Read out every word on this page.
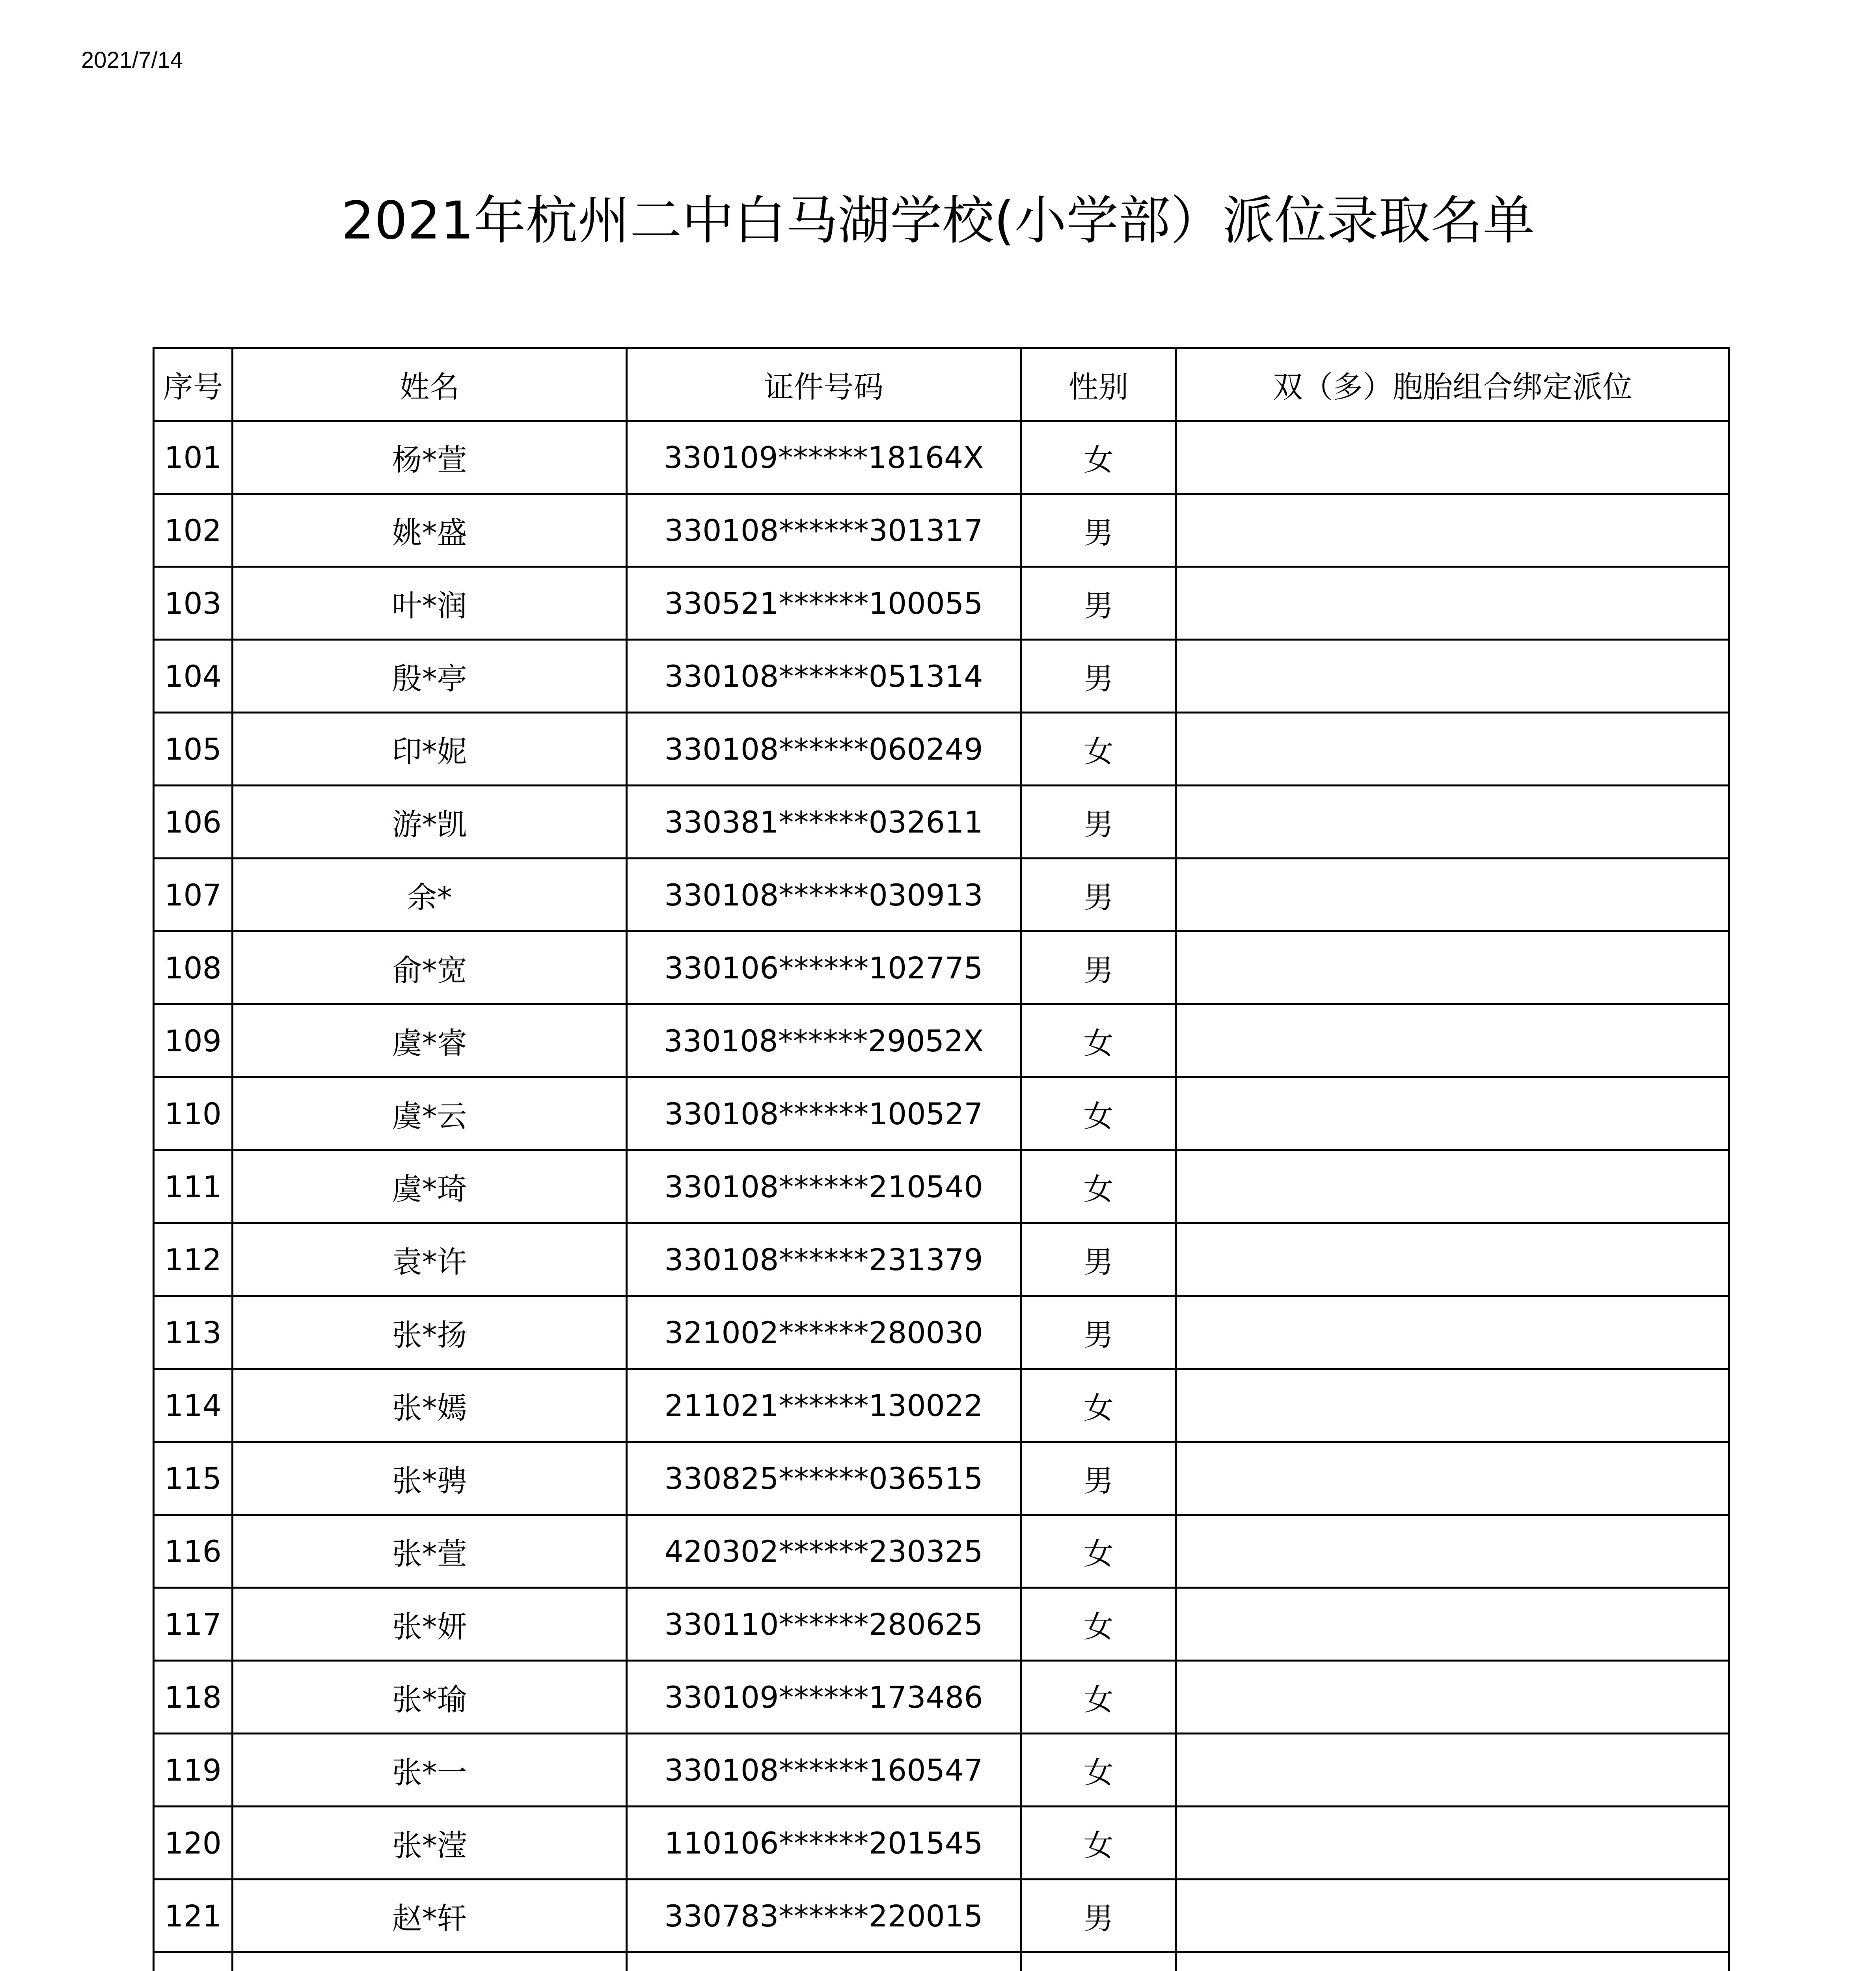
2021/7/14
2021年杭州二中白马湖学校(小学部）派位录取名单
序号	姓名	证件号码	性别	双（多）胞胎组合绑定派位
101	杨*萱	330109******18164X	女	
102	姚*盛	330108******301317	男	
103	叶*润	330521******100055	男	
104	殷*亭	330108******051314	男	
105	印*妮	330108******060249	女	
106	游*凯	330381******032611	男	
107	余*	330108******030913	男	
108	俞*宽	330106******102775	男	
109	虞*睿	330108******29052X	女	
110	虞*云	330108******100527	女	
111	虞*琦	330108******210540	女	
112	袁*许	330108******231379	男	
113	张*扬	321002******280030	男	
114	张*嫣	211021******130022	女	
115	张*骋	330825******036515	男	
116	张*萱	420302******230325	女	
117	张*妍	330110******280625	女	
118	张*瑜	330109******173486	女	
119	张*一	330108******160547	女	
120	张*滢	110106******201545	女	
121	赵*轩	330783******220015	男	
